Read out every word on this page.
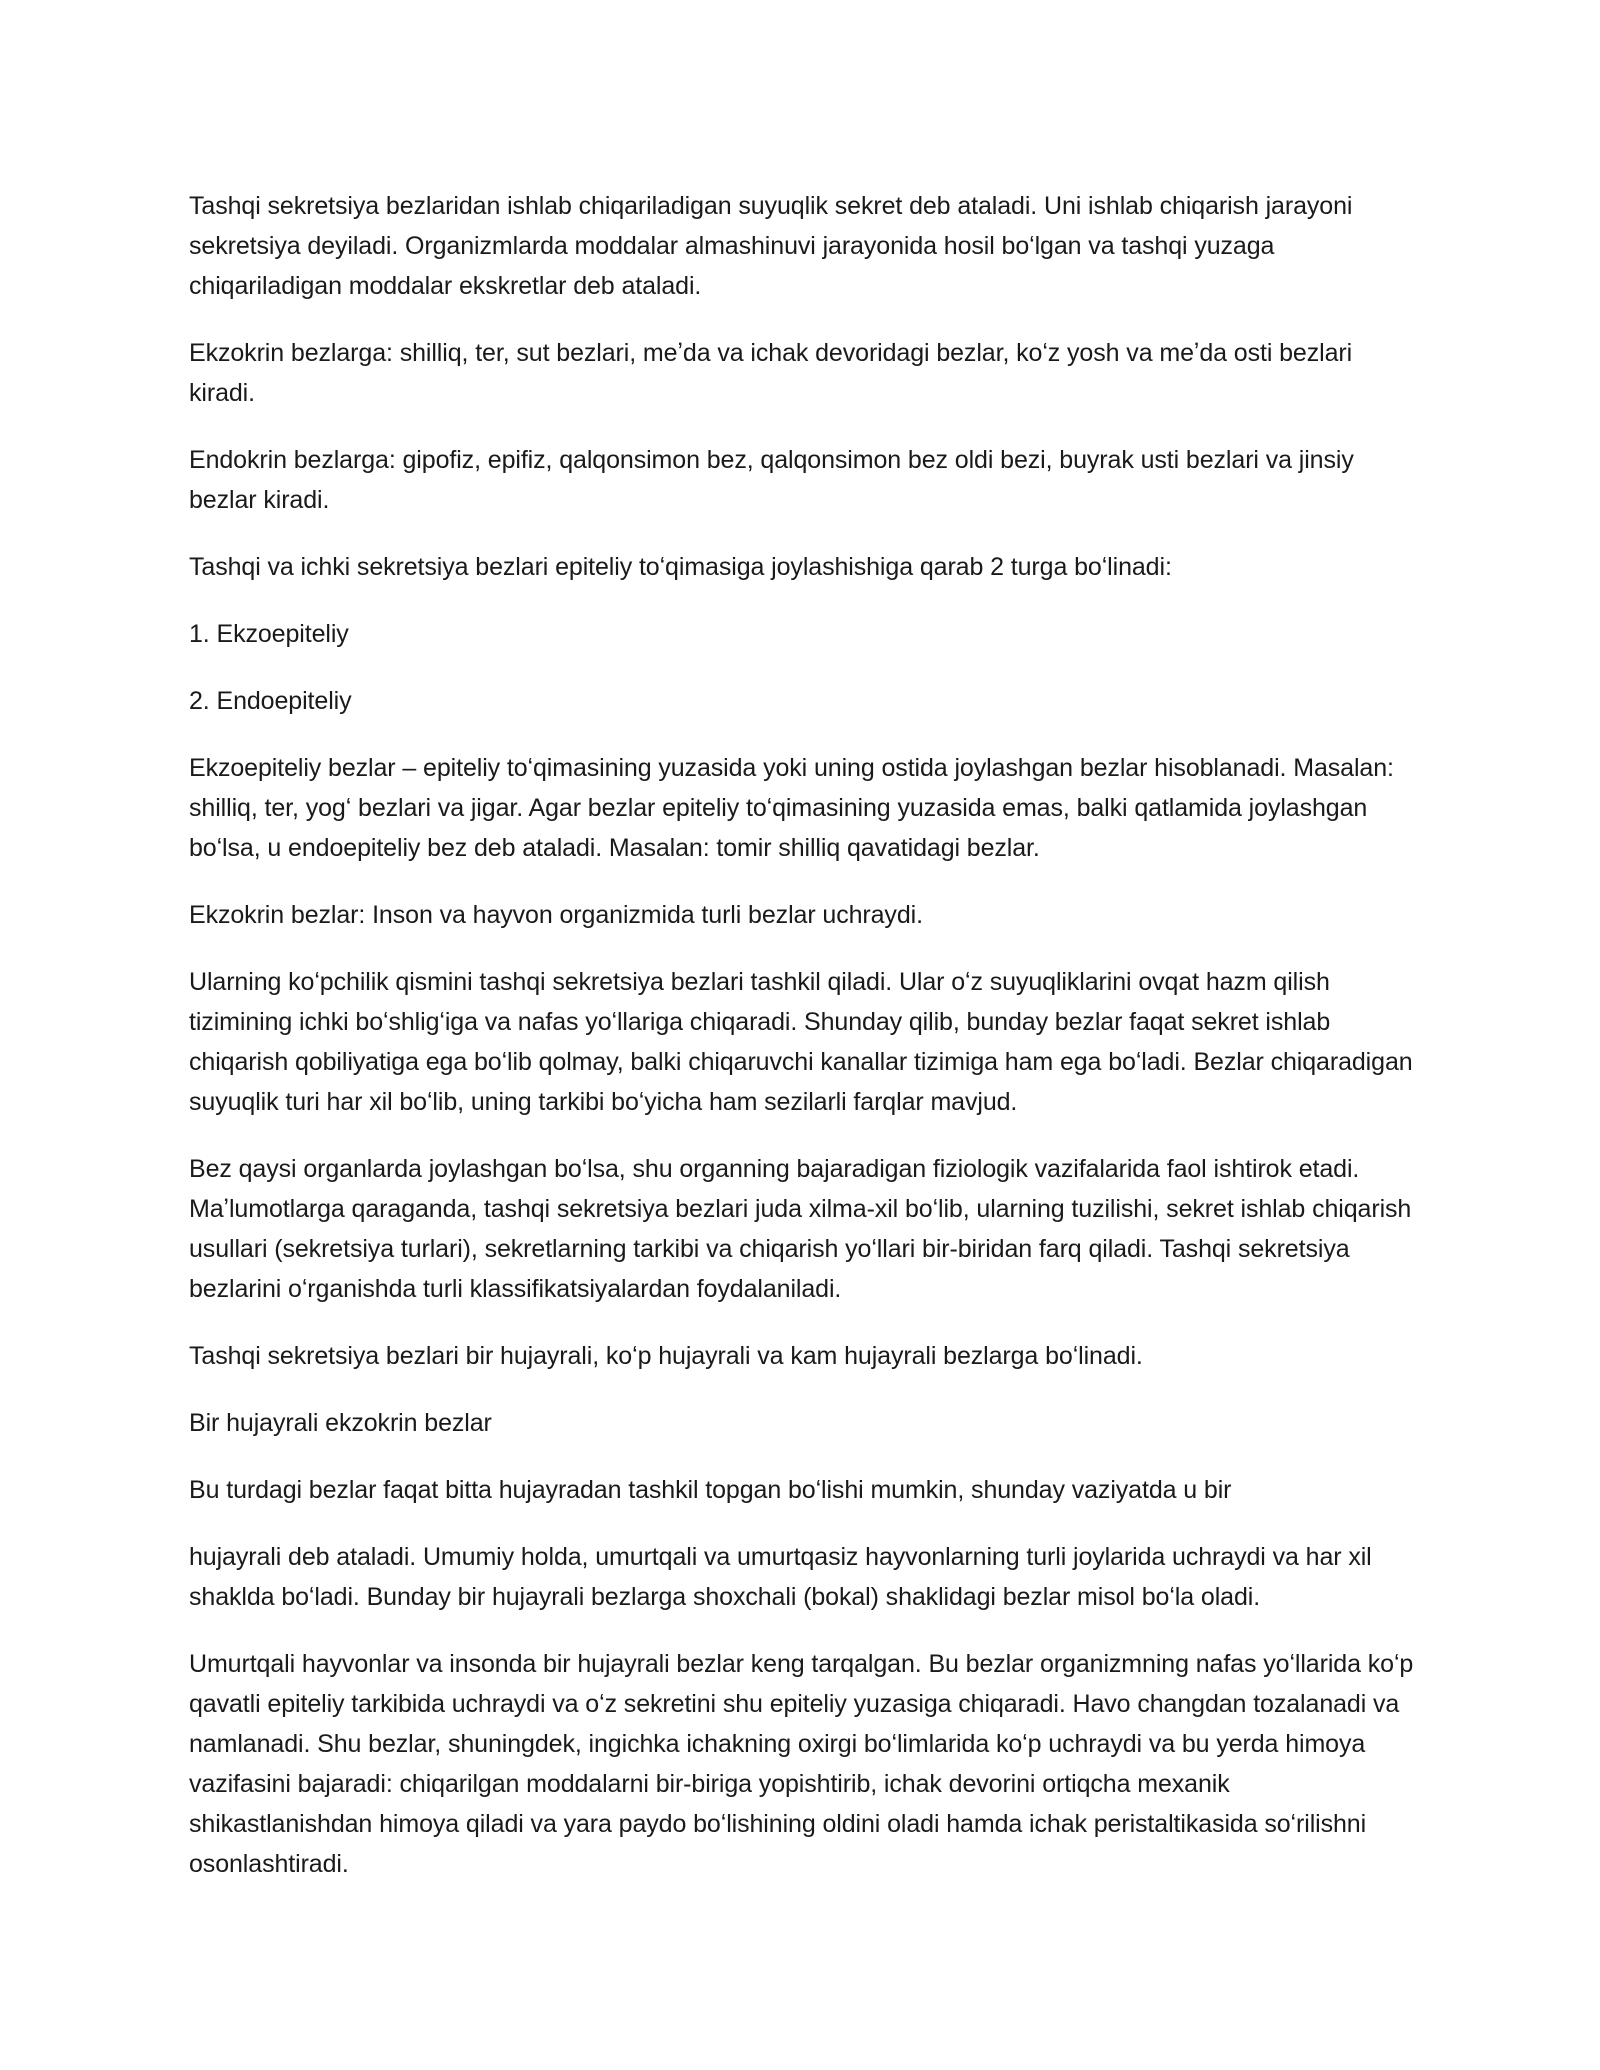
Tashqi sekretsiya bezlaridan ishlab chiqariladigan suyuqlik sekret deb ataladi. Uni ishlab chiqarish jarayoni sekretsiya deyiladi. Organizmlarda moddalar almashinuvi jarayonida hosil boʻlgan va tashqi yuzaga chiqariladigan moddalar ekskretlar deb ataladi.

Ekzokrin bezlarga: shilliq, ter, sut bezlari, meʼda va ichak devoridagi bezlar, koʻz yosh va meʼda osti bezlari kiradi.

Endokrin bezlarga: gipofiz, epifiz, qalqonsimon bez, qalqonsimon bez oldi bezi, buyrak usti bezlari va jinsiy bezlar kiradi.

Tashqi va ichki sekretsiya bezlari epiteliy toʻqimasiga joylashishiga qarab 2 turga boʻlinadi:

1. Ekzoepiteliy

2. Endoepiteliy

Ekzoepiteliy bezlar – epiteliy toʻqimasining yuzasida yoki uning ostida joylashgan bezlar hisoblanadi. Masalan: shilliq, ter, yogʻ bezlari va jigar. Agar bezlar epiteliy toʻqimasining yuzasida emas, balki qatlamida joylashgan boʻlsa, u endoepiteliy bez deb ataladi. Masalan: tomir shilliq qavatidagi bezlar.

Ekzokrin bezlar: Inson va hayvon organizmida turli bezlar uchraydi.

Ularning koʻpchilik qismini tashqi sekretsiya bezlari tashkil qiladi. Ular oʻz suyuqliklarini ovqat hazm qilish tizimining ichki boʻshligʻiga va nafas yoʻllariga chiqaradi. Shunday qilib, bunday bezlar faqat sekret ishlab chiqarish qobiliyatiga ega boʻlib qolmay, balki chiqaruvchi kanallar tizimiga ham ega boʻladi. Bezlar chiqaradigan suyuqlik turi har xil boʻlib, uning tarkibi boʻyicha ham sezilarli farqlar mavjud.

Bez qaysi organlarda joylashgan boʻlsa, shu organning bajaradigan fiziologik vazifalarida faol ishtirok etadi. Maʼlumotlarga qaraganda, tashqi sekretsiya bezlari juda xilma-xil boʻlib, ularning tuzilishi, sekret ishlab chiqarish usullari (sekretsiya turlari), sekretlarning tarkibi va chiqarish yoʻllari bir-biridan farq qiladi. Tashqi sekretsiya bezlarini oʻrganishda turli klassifikatsiyalardan foydalaniladi.

Tashqi sekretsiya bezlari bir hujayrali, koʻp hujayrali va kam hujayrali bezlarga boʻlinadi.

Bir hujayrali ekzokrin bezlar

Bu turdagi bezlar faqat bitta hujayradan tashkil topgan boʻlishi mumkin, shunday vaziyatda u bir

hujayrali deb ataladi. Umumiy holda, umurtqali va umurtqasiz hayvonlarning turli joylarida uchraydi va har xil shaklda boʻladi. Bunday bir hujayrali bezlarga shoxchali (bokal) shaklidagi bezlar misol boʻla oladi.

Umurtqali hayvonlar va insonda bir hujayrali bezlar keng tarqalgan. Bu bezlar organizmning nafas yoʻllarida koʻp qavatli epiteliy tarkibida uchraydi va oʻz sekretini shu epiteliy yuzasiga chiqaradi. Havo changdan tozalanadi va namlanadi. Shu bezlar, shuningdek, ingichka ichakning oxirgi boʻlimlarida koʻp uchraydi va bu yerda himoya vazifasini bajaradi: chiqarilgan moddalarni bir-biriga yopishtirib, ichak devorini ortiqcha mexanik shikastlanishdan himoya qiladi va yara paydo boʻlishining oldini oladi hamda ichak peristaltikasida soʻrilishni osonlashtiradi.
